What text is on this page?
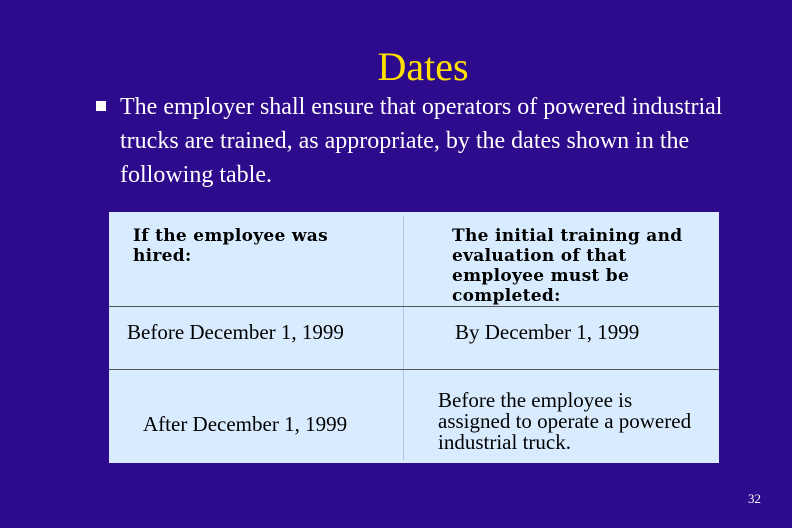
Dates
The employer shall ensure that operators of powered industrial trucks are trained, as appropriate, by the dates shown in the following table.
If the employee was hired:
The initial training and evaluation of that employee must be completed:
Before December 1, 1999	By December 1, 1999
After December 1, 1999
Before the employee is assigned to operate a powered industrial truck.
32
